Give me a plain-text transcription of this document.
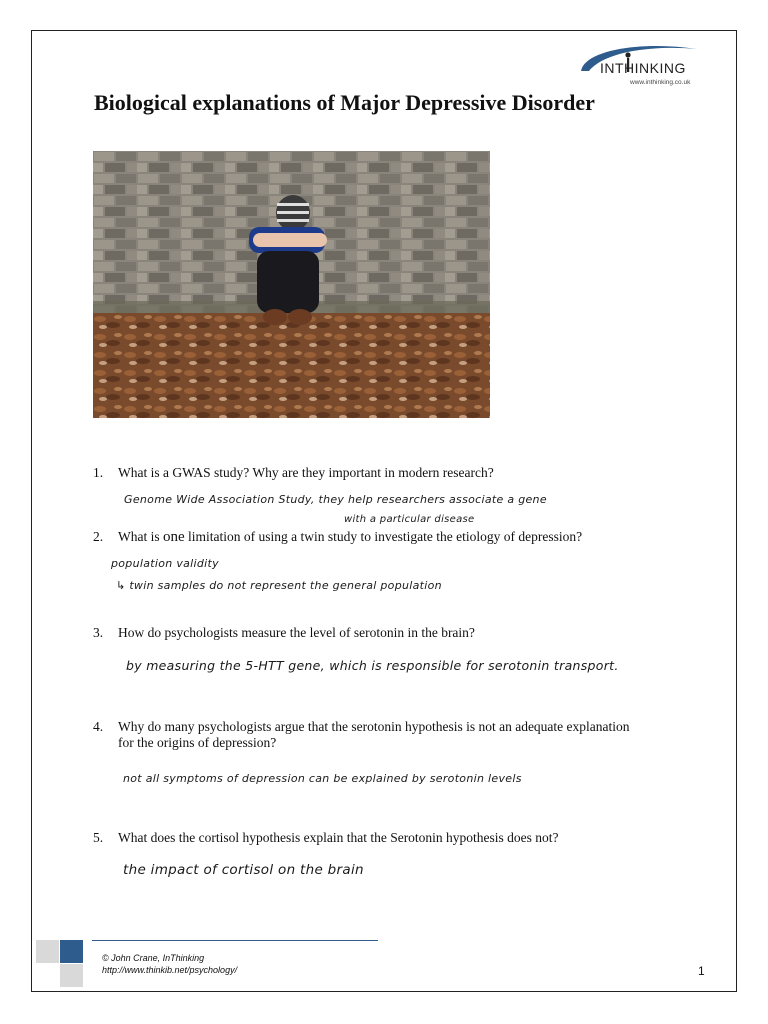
INTHINKING
www.inthinking.co.uk
Biological explanations of Major Depressive Disorder
1. What is a GWAS study? Why are they important in modern research?
Genome Wide Association Study, they help researchers associate a gene
with a particular disease
2. What is one limitation of using a twin study to investigate the etiology of depression?
population validity
↳ twin samples do not represent the general population
3. How do psychologists measure the level of serotonin in the brain?
by measuring the 5-HTT gene, which is responsible for serotonin transport.
4. Why do many psychologists argue that the serotonin hypothesis is not an adequate explanation for the origins of depression?
not all symptoms of depression can be explained by serotonin levels
5. What does the cortisol hypothesis explain that the Serotonin hypothesis does not?
the impact of cortisol on the brain
© John Crane, InThinking
http://www.thinkib.net/psychology/	1
